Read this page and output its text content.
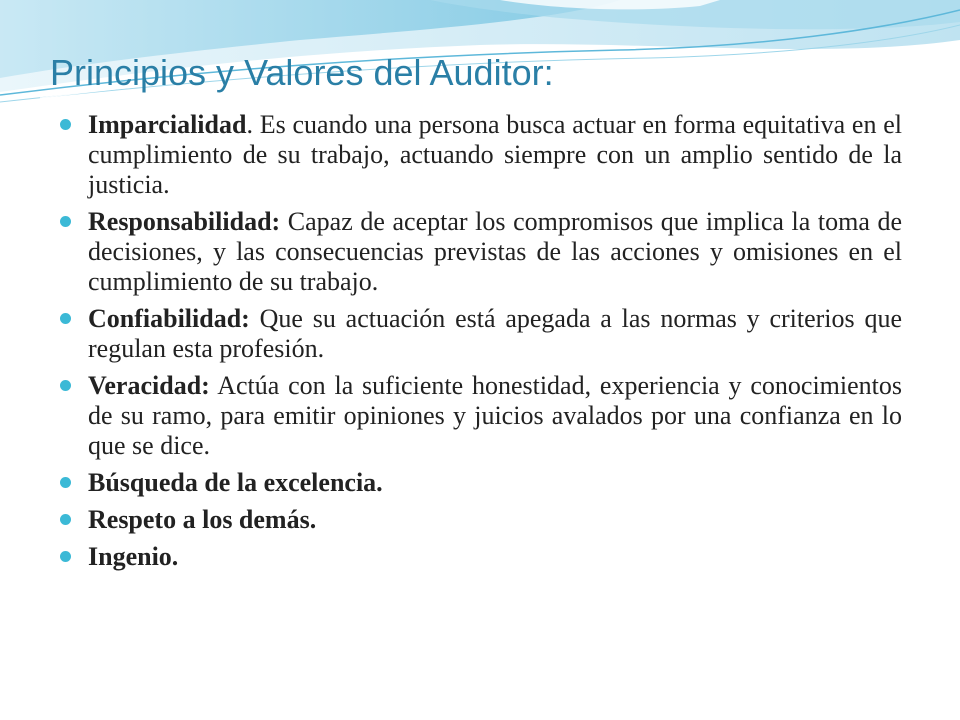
Principios y Valores del Auditor:
Imparcialidad. Es cuando una persona busca actuar en forma equitativa en el cumplimiento de su trabajo, actuando siempre con un amplio sentido de la justicia.
Responsabilidad: Capaz de aceptar los compromisos que implica la toma de decisiones, y las consecuencias previstas de las acciones y omisiones en el cumplimiento de su trabajo.
Confiabilidad: Que su actuación está apegada a las normas y criterios que regulan esta profesión.
Veracidad: Actúa con la suficiente honestidad, experiencia y conocimientos de su ramo, para emitir opiniones y juicios avalados por una confianza en lo que se dice.
Búsqueda de la excelencia.
Respeto a los demás.
Ingenio.
